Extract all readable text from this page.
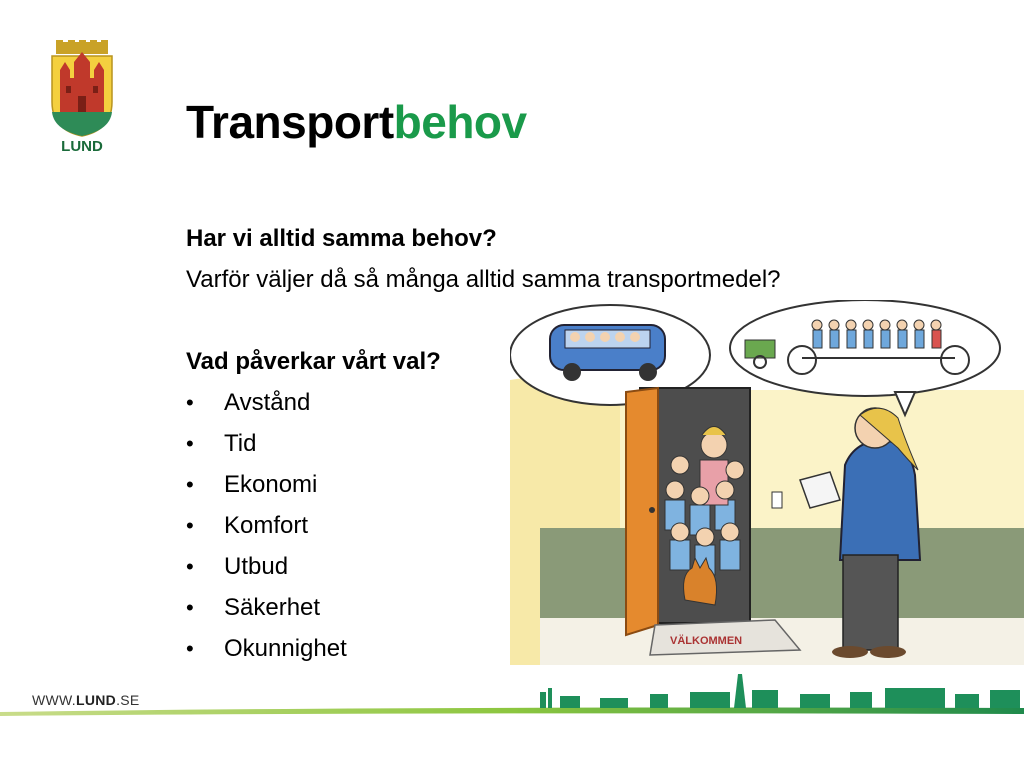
LUND	Transportbehov
Har vi alltid samma behov?
Varför väljer då så många alltid samma transportmedel?
Vad påverkar vårt val?
• Avstånd
• Tid
• Ekonomi
• Komfort
• Utbud
• Säkerhet
• Okunnighet	VÄLKOMMEN
WWW.LUND.SE
